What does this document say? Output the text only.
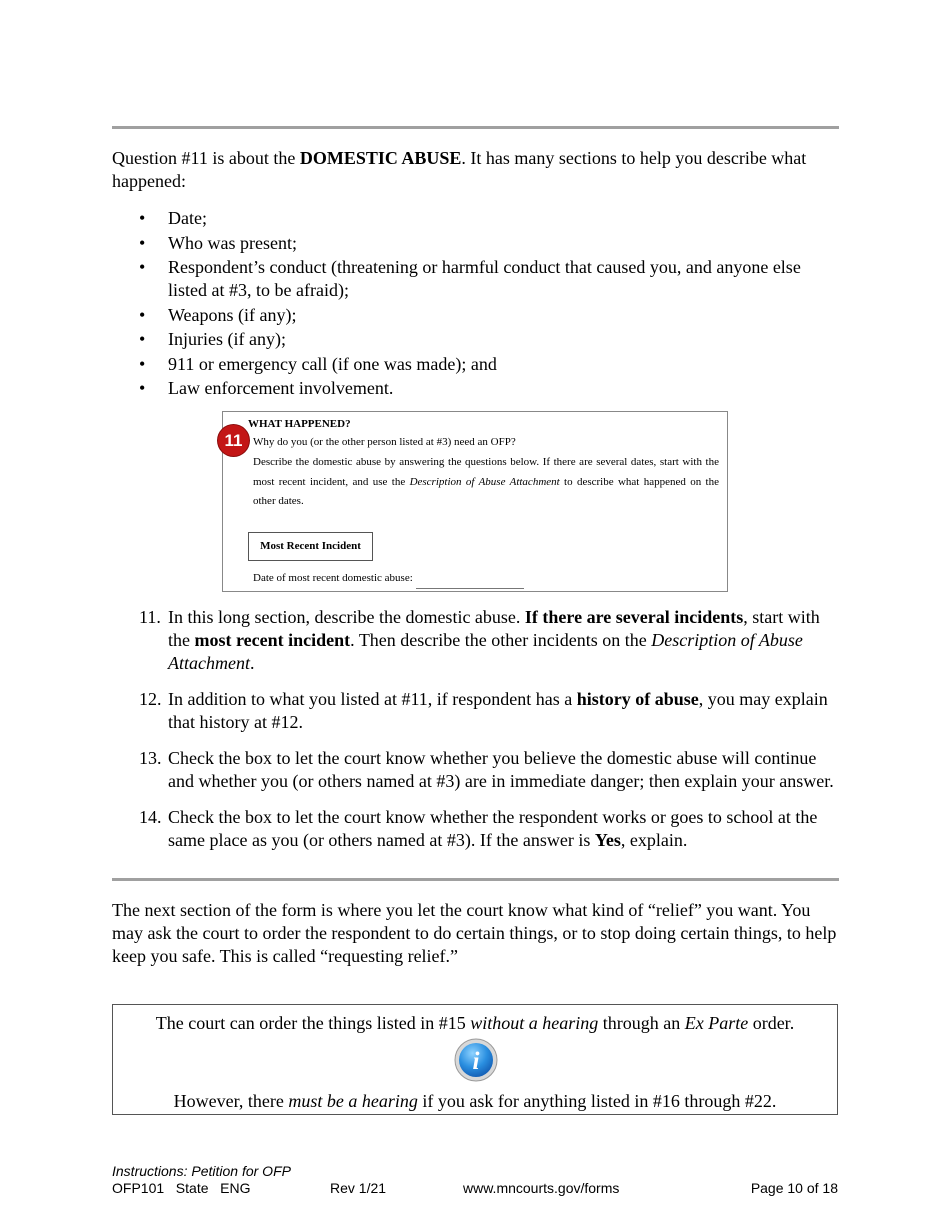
Question #11 is about the DOMESTIC ABUSE. It has many sections to help you describe what happened:

• Date;
• Who was present;
• Respondent’s conduct (threatening or harmful conduct that caused you, and anyone else listed at #3, to be afraid);
• Weapons (if any);
• Injuries (if any);
• 911 or emergency call (if one was made); and
• Law enforcement involvement.
11
WHAT HAPPENED?
Why do you (or the other person listed at #3) need an OFP?
Describe the domestic abuse by answering the questions below. If there are several dates, start with the most recent incident, and use the Description of Abuse Attachment to describe what happened on the other dates.
Most Recent Incident
Date of most recent domestic abuse:
11. In this long section, describe the domestic abuse. If there are several incidents, start with the most recent incident. Then describe the other incidents on the Description of Abuse Attachment.
12. In addition to what you listed at #11, if respondent has a history of abuse, you may explain that history at #12.
13. Check the box to let the court know whether you believe the domestic abuse will continue and whether you (or others named at #3) are in immediate danger; then explain your answer.
14. Check the box to let the court know whether the respondent works or goes to school at the same place as you (or others named at #3). If the answer is Yes, explain.

The next section of the form is where you let the court know what kind of “relief” you want. You may ask the court to order the respondent to do certain things, or to stop doing certain things, to help keep you safe. This is called “requesting relief.”

The court can order the things listed in #15 without a hearing through an Ex Parte order.
i
However, there must be a hearing if you ask for anything listed in #16 through #22.
Instructions: Petition for OFP
OFP101   State   ENG	Rev 1/21	www.mncourts.gov/forms	Page 10 of 18
